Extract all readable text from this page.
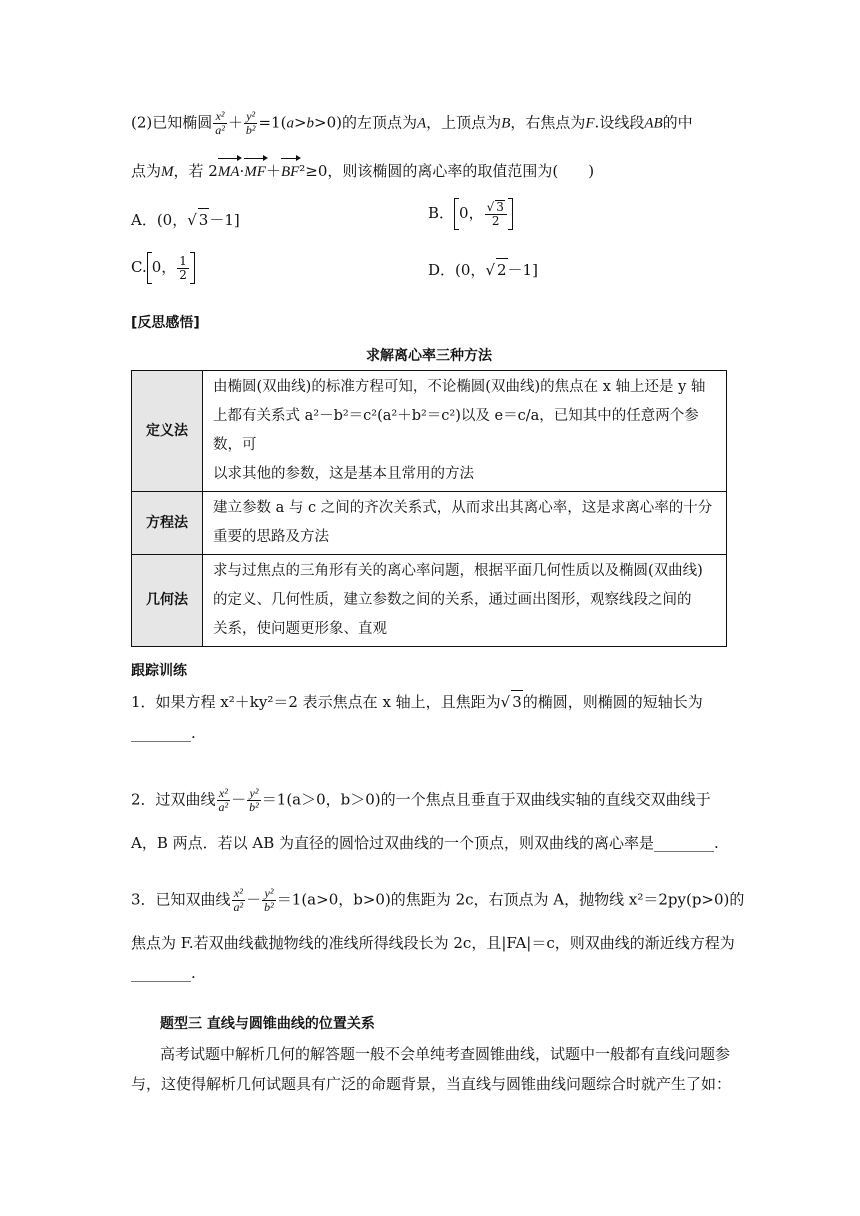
(2)已知椭圆 $\frac{\text{x²}}{\text{a²}} + \frac{\text{y²}}{\text{b²}} =1(a>b>0)$的左顶点为A，上顶点为B，右焦点为F.设线段AB的中
点为M，若 2MA·MF＋BF²≥0，则该椭圆的离心率的取值范围为(　　)
A．(0，√ 3－1]	B． 0， $\frac{√ 3}{2}$
C. 0， $\frac{1}{2}$	D．(0，√ 2－1]
[反思感悟]
求解离心率三种方法
定义法	由椭圆(双曲线)的标准方程可知，不论椭圆(双曲线)的焦点在 x 轴上还是 y 轴
上都有关系式 a²－b²＝c²(a²＋b²＝c²)以及 e＝c/a，已知其中的任意两个参数，可
以求其他的参数，这是基本且常用的方法

方程法	建立参数 a 与 c 之间的齐次关系式，从而求出其离心率，这是求离心率的十分
重要的思路及方法

几何法	求与过焦点的三角形有关的离心率问题，根据平面几何性质以及椭圆(双曲线)
的定义、几何性质，建立参数之间的关系，通过画出图形，观察线段之间的
关系，使问题更形象、直观
跟踪训练
1．如果方程 x²＋ky²＝2 表示焦点在 x 轴上，且焦距为√ 3的椭圆，则椭圆的短轴长为
________.
2．过双曲线 $\frac{\text{x²}}{\text{a²}} - \frac{\text{y²}}{\text{b²}} =1(a>0$，b＞0)的一个焦点且垂直于双曲线实轴的直线交双曲线于
A，B 两点．若以 AB 为直径的圆恰过双曲线的一个顶点，则双曲线的离心率是________.
3．已知双曲线 $\frac{\text{x²}}{\text{a²}} - \frac{\text{y²}}{\text{b²}} =1(a>0$，b>0)的焦距为 2c，右顶点为 A，抛物线 x²＝2py(p>0)的
焦点为 F.若双曲线截抛物线的准线所得线段长为 2c，且|FA|＝c，则双曲线的渐近线方程为
________.
题型三 直线与圆锥曲线的位置关系
高考试题中解析几何的解答题一般不会单纯考查圆锥曲线，试题中一般都有直线问题参
与，这使得解析几何试题具有广泛的命题背景，当直线与圆锥曲线问题综合时就产生了如：
